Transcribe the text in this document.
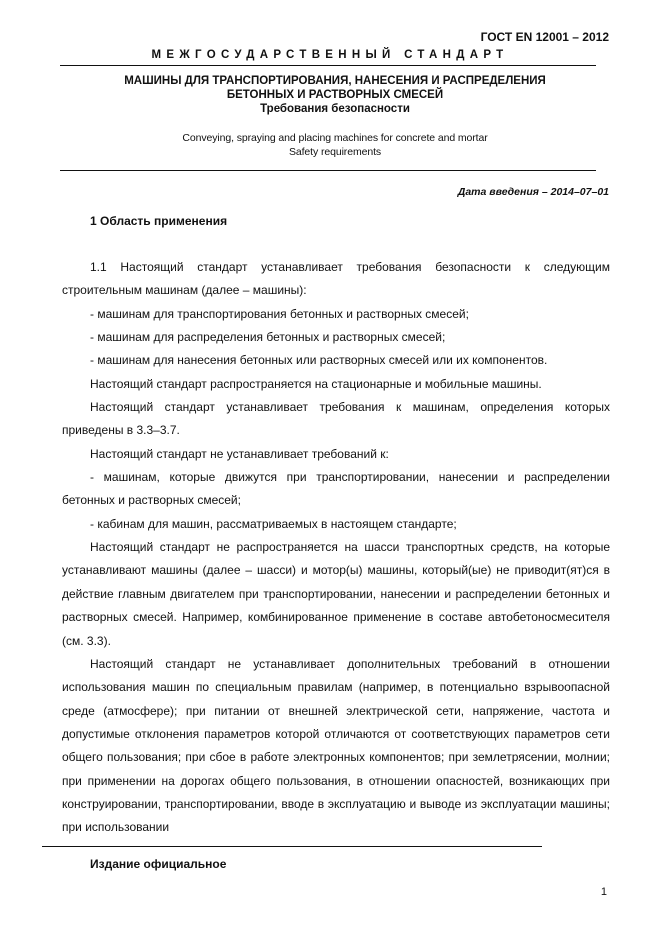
ГОСТ EN 12001 – 2012
МЕЖГОСУДАРСТВЕННЫЙ СТАНДАРТ
МАШИНЫ ДЛЯ ТРАНСПОРТИРОВАНИЯ, НАНЕСЕНИЯ И РАСПРЕДЕЛЕНИЯ
БЕТОННЫХ И РАСТВОРНЫХ СМЕСЕЙ
Требования безопасности
Conveying, spraying and placing machines for concrete and mortar
Safety requirements
Дата введения – 2014–07–01
1 Область применения

1.1 Настоящий стандарт устанавливает требования безопасности к следующим строительным машинам (далее – машины):

- машинам для транспортирования бетонных и растворных смесей;

- машинам для распределения бетонных и растворных смесей;

- машинам для нанесения бетонных или растворных смесей или их компонентов.

Настоящий стандарт распространяется на стационарные и мобильные машины.

Настоящий стандарт устанавливает требования к машинам, определения которых приведены в 3.3–3.7.

Настоящий стандарт не устанавливает требований к:

- машинам, которые движутся при транспортировании, нанесении и распределении бетонных и растворных смесей;

- кабинам для машин, рассматриваемых в настоящем стандарте;

Настоящий стандарт не распространяется на шасси транспортных средств, на которые устанавливают машины (далее – шасси) и мотор(ы) машины, который(ые) не приводит(ят)ся в действие главным двигателем при транспортировании, нанесении и распределении бетонных и растворных смесей. Например, комбинированное применение в составе автобетоносмесителя (см. 3.3).

Настоящий стандарт не устанавливает дополнительных требований в отношении использования машин по специальным правилам (например, в потенциально взрывоопасной среде (атмосфере); при питании от внешней электрической сети, напряжение, частота и допустимые отклонения параметров которой отличаются от соответствующих параметров сети общего пользования; при сбое в работе электронных компонентов; при землетрясении, молнии; при применении на дорогах общего пользования, в отношении опасностей, возникающих при конструировании, транспортировании, вводе в эксплуатацию и выводе из эксплуатации машины; при использовании

Издание официальное
1
